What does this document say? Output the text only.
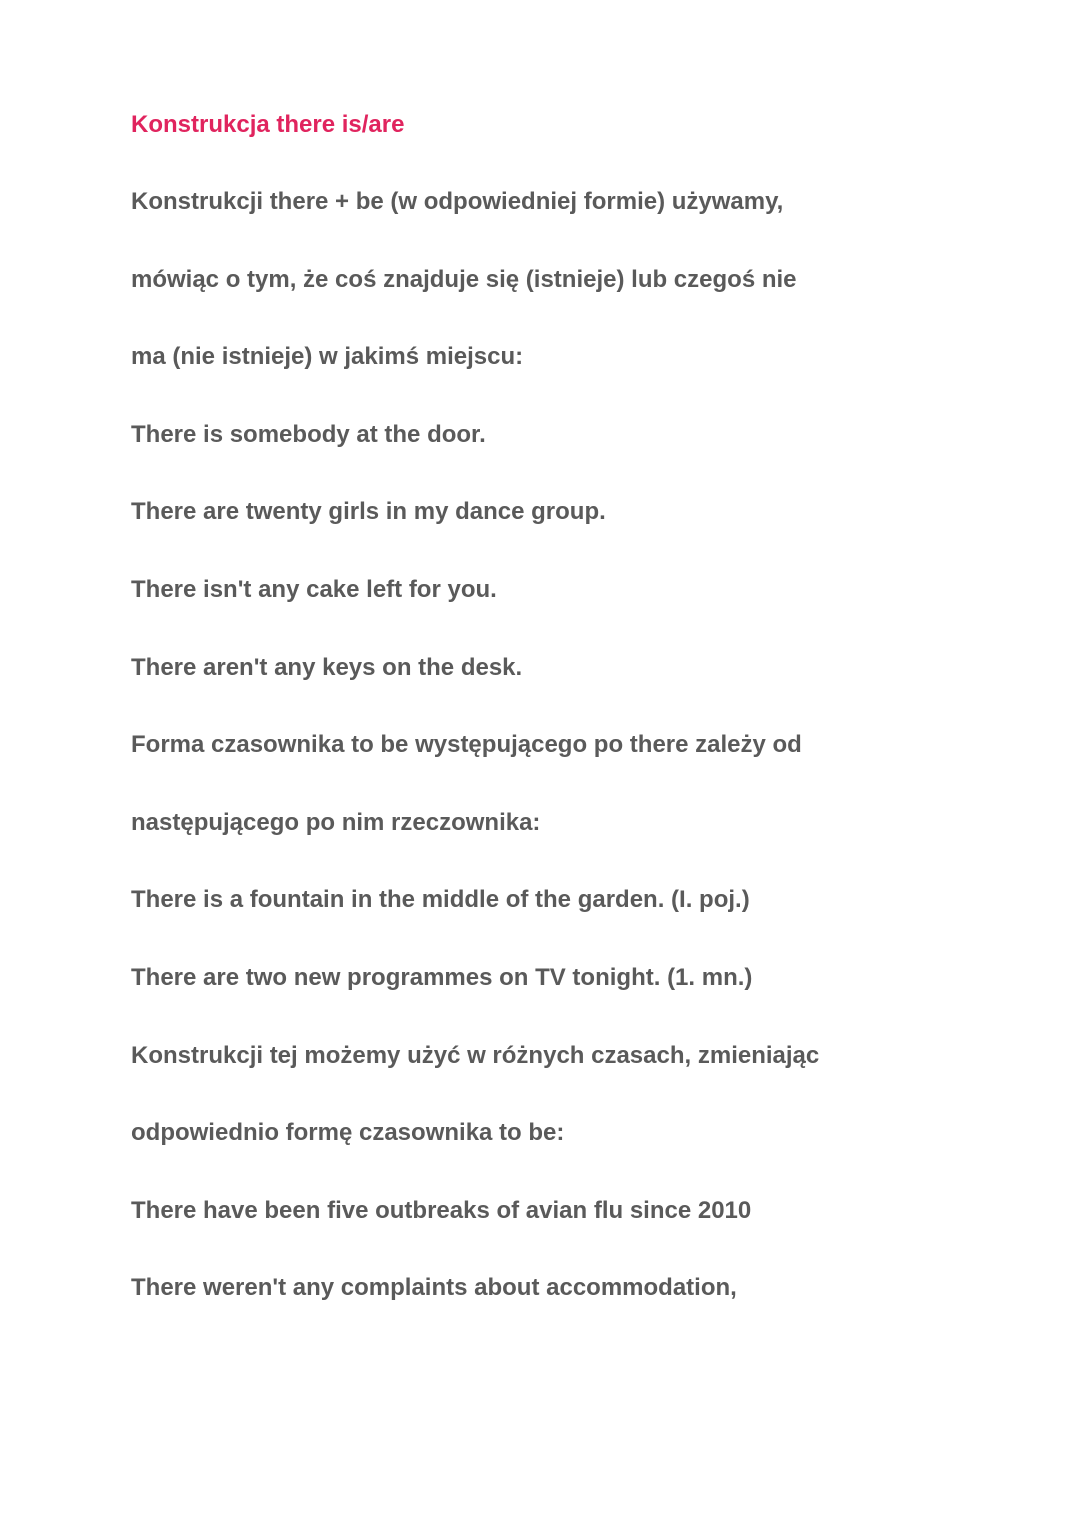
Konstrukcja there is/are
Konstrukcji there + be (w odpowiedniej formie) używamy,
mówiąc o tym, że coś znajduje się (istnieje) lub czegoś nie
ma (nie istnieje) w jakimś miejscu:
There is somebody at the door.
There are twenty girls in my dance group.
There isn't any cake left for you.
There aren't any keys on the desk.
Forma czasownika to be występującego po there zależy od
następującego po nim rzeczownika:
There is a fountain in the middle of the garden. (I. poj.)
There are two new programmes on TV tonight. (1. mn.)
Konstrukcji tej możemy użyć w różnych czasach, zmieniając
odpowiednio formę czasownika to be:
There have been five outbreaks of avian flu since 2010
There weren't any complaints about accommodation,
